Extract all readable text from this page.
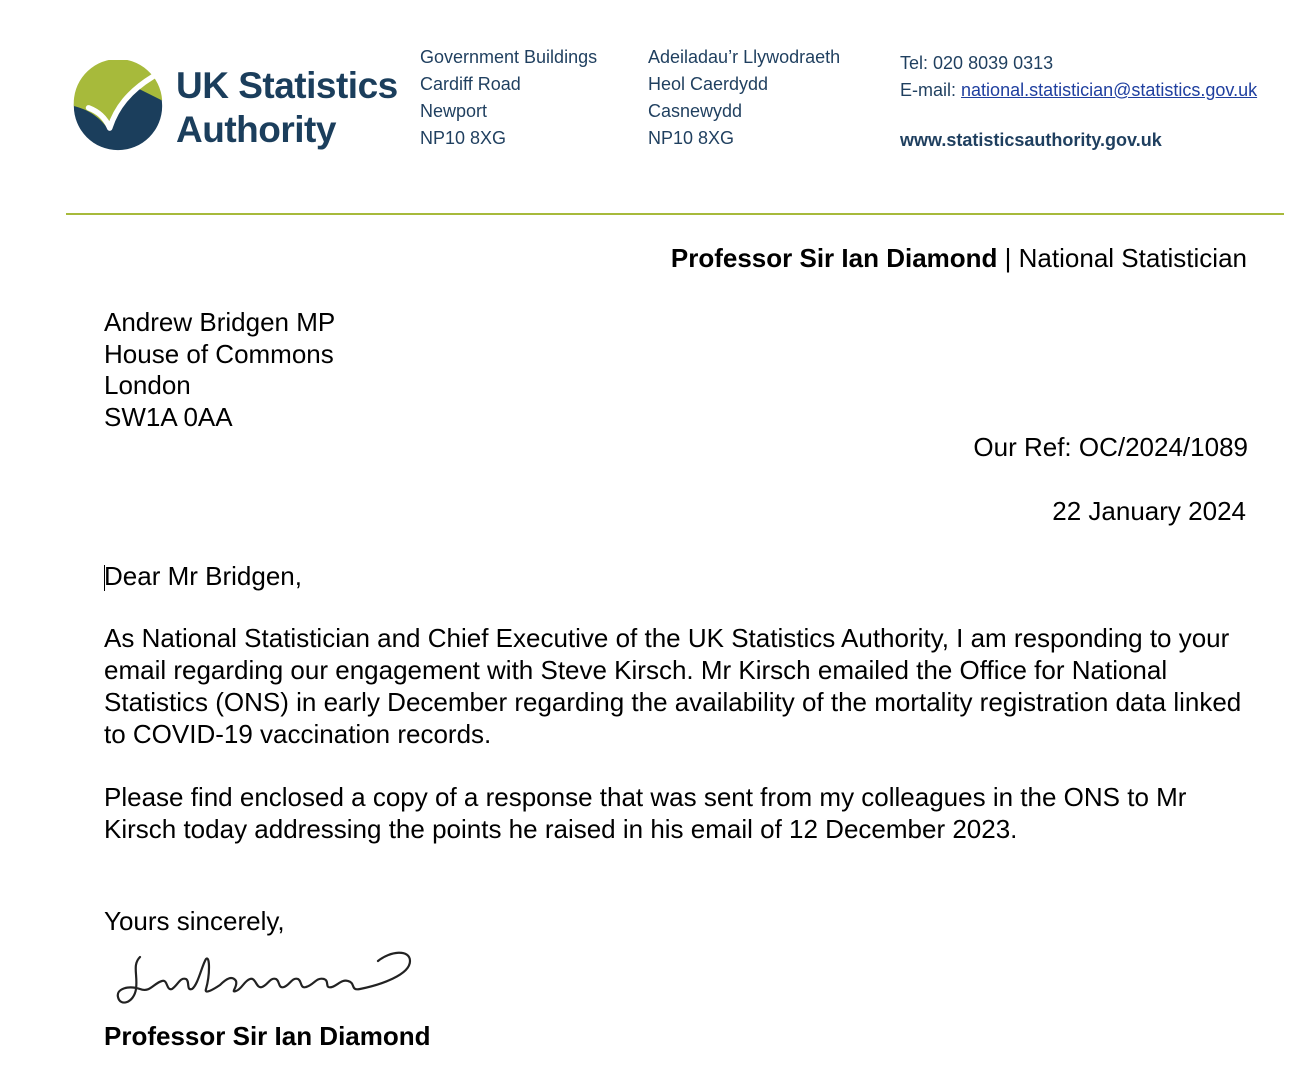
UK Statistics
Authority
Government Buildings
Cardiff Road
Newport
NP10 8XG
Adeiladau’r Llywodraeth
Heol Caerdydd
Casnewydd
NP10 8XG
Tel: 020 8039 0313
E-mail: national.statistician@statistics.gov.uk
www.statisticsauthority.gov.uk
Professor Sir Ian Diamond | National Statistician
Andrew Bridgen MP
House of Commons
London
SW1A 0AA
Our Ref: OC/2024/1089
22 January 2024
Dear Mr Bridgen,
As National Statistician and Chief Executive of the UK Statistics Authority, I am responding to your email regarding our engagement with Steve Kirsch. Mr Kirsch emailed the Office for National Statistics (ONS) in early December regarding the availability of the mortality registration data linked to COVID-19 vaccination records.
Please find enclosed a copy of a response that was sent from my colleagues in the ONS to Mr Kirsch today addressing the points he raised in his email of 12 December 2023.
Yours sincerely,
Professor Sir Ian Diamond
